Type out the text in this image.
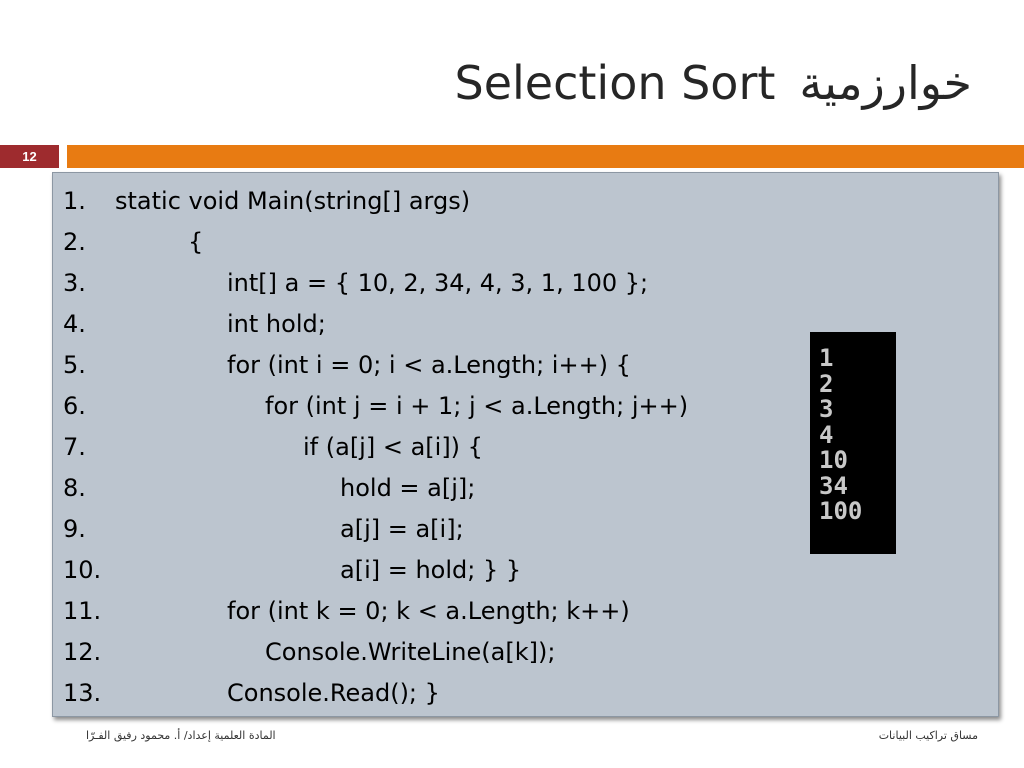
Selection Sort خوارزمية
12
1. static void Main(string[] args)
2.	{
3.	int[] a = { 10, 2, 34, 4, 3, 1, 100 };
4.	int hold;
5.	for (int i = 0; i < a.Length; i++) {
6.	for (int j = i + 1; j < a.Length; j++)
7.	if (a[j] < a[i]) {
8.	hold = a[j];
9.	a[j] = a[i];
10.	a[i] = hold; } }
11.	for (int k = 0; k < a.Length; k++)
12.	Console.WriteLine(a[k]);
13.	Console.Read(); }
1
2
3
4
10
34
100
المادة العلمية إعداد/ أ. محمود رفيق الفـرّا	مساق تراكيب البيانات
